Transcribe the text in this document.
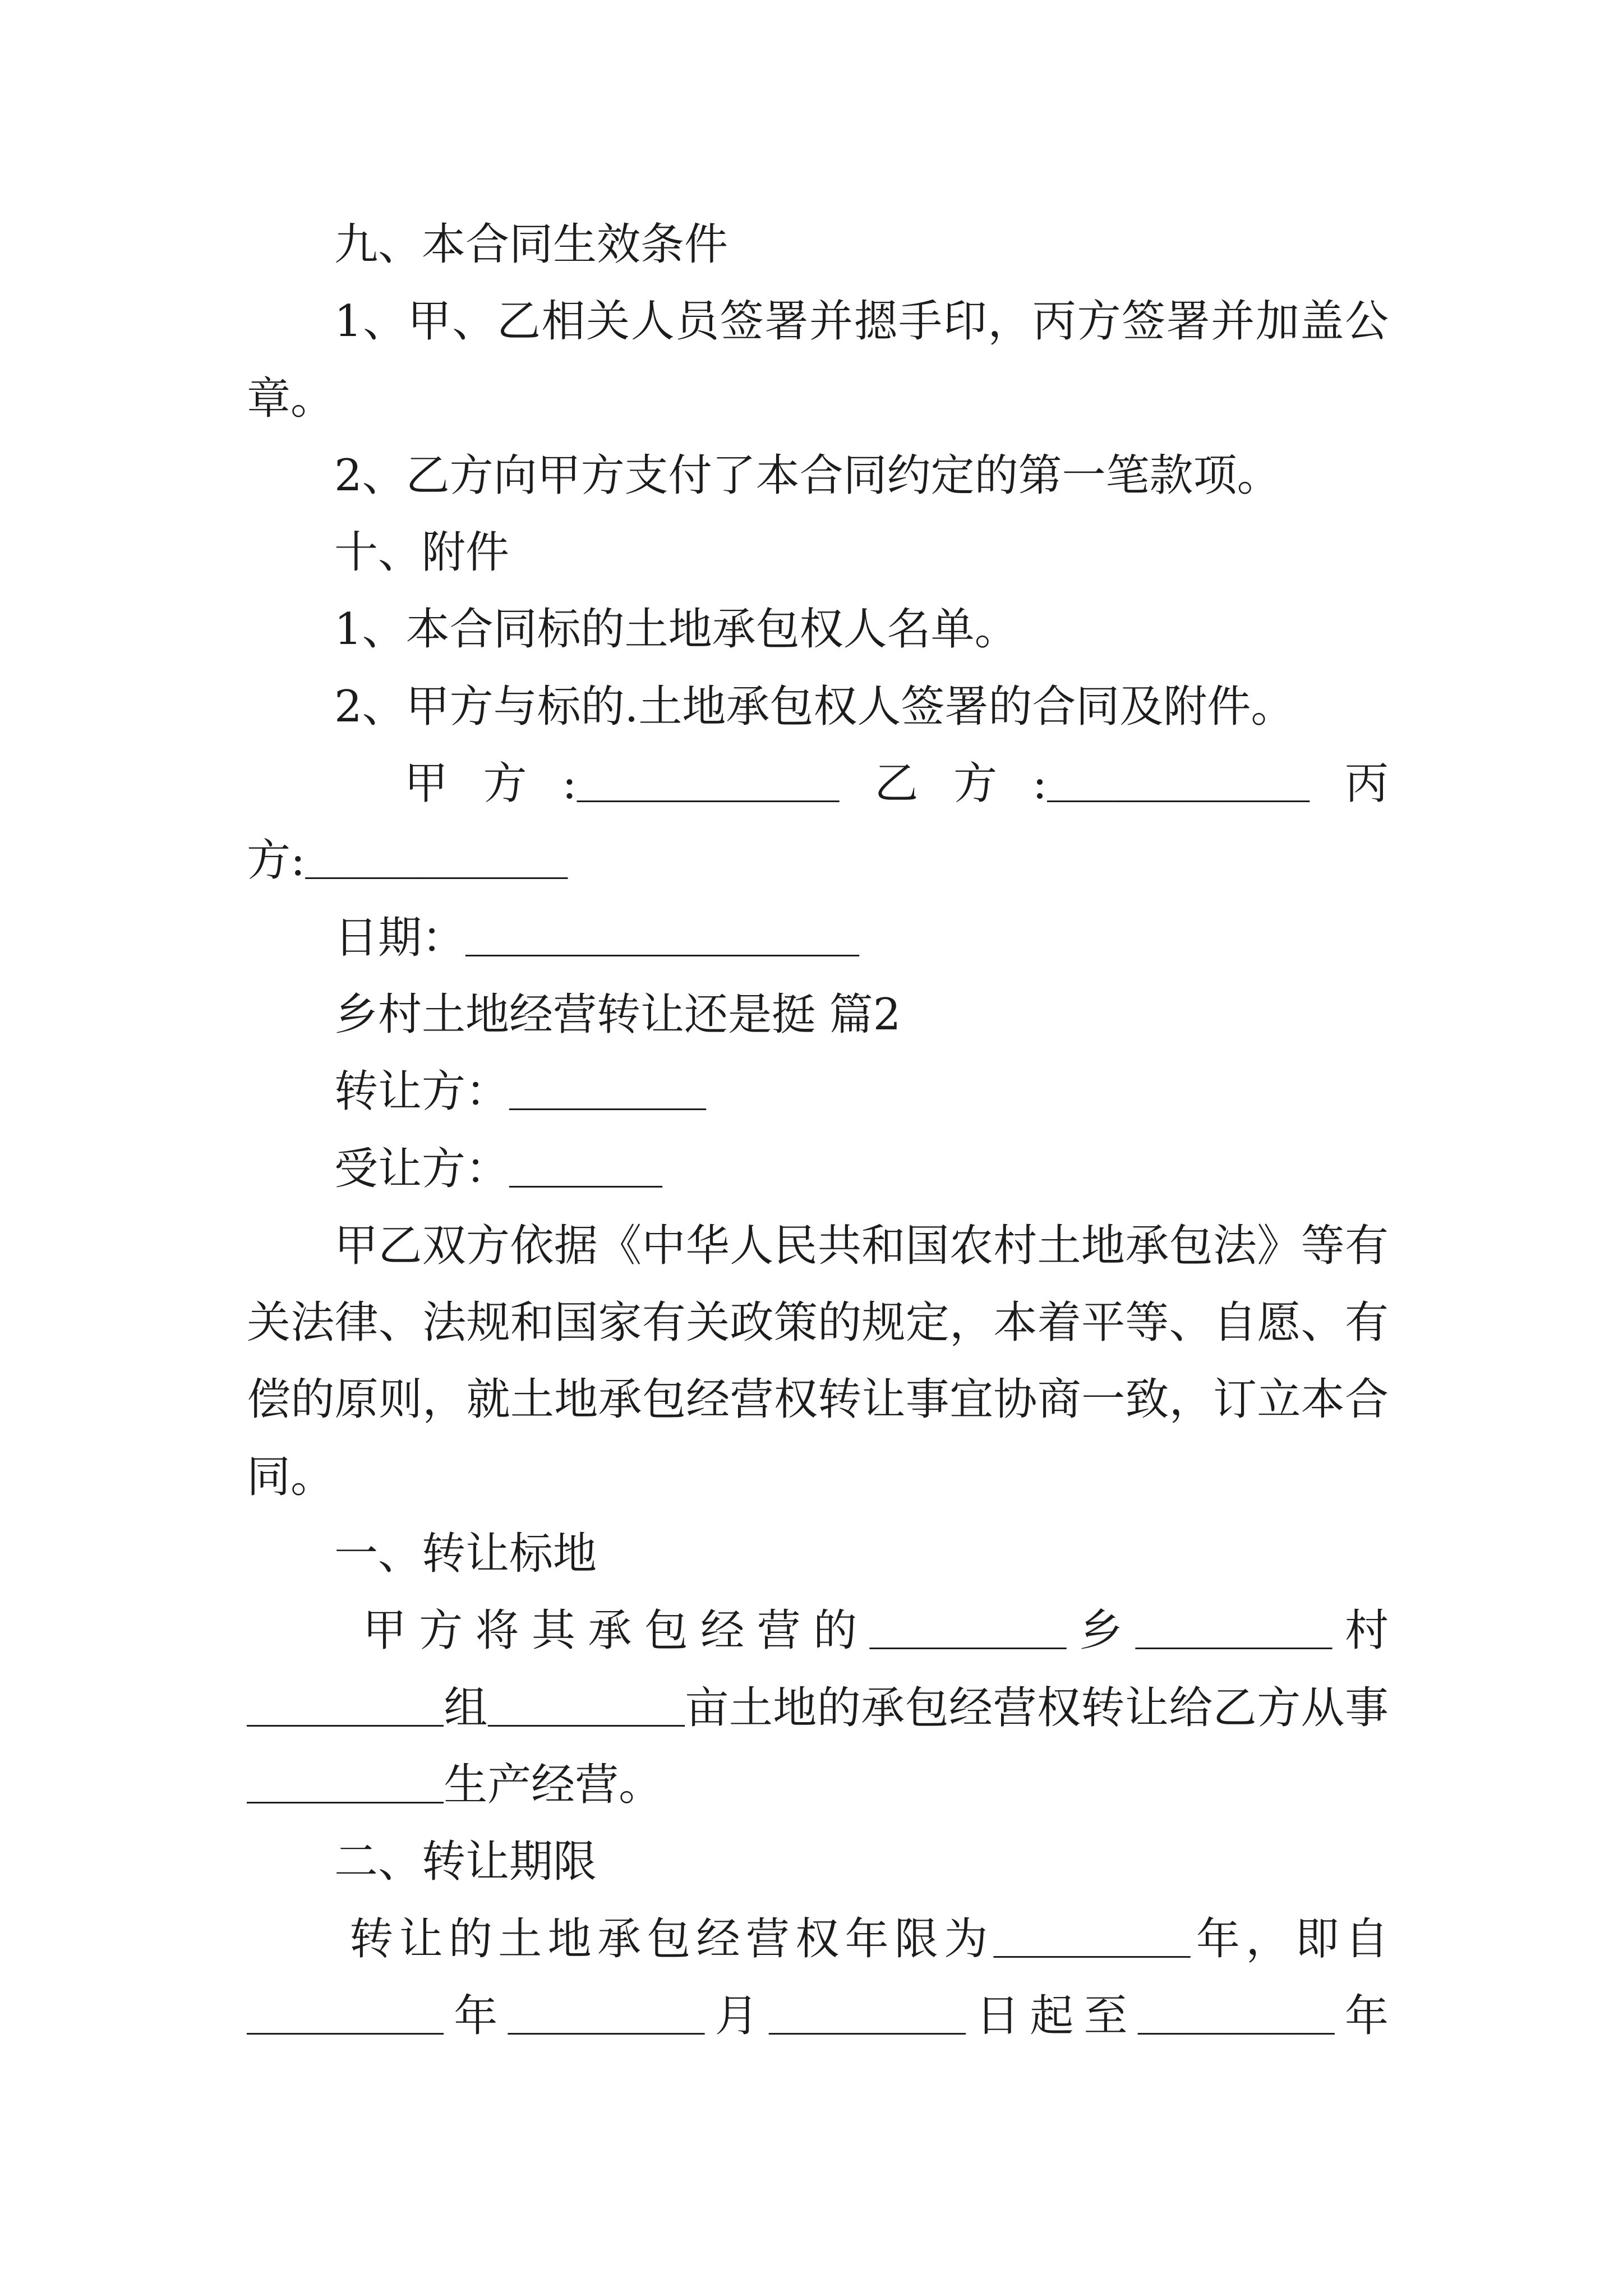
九、本合同生效条件
1、甲、乙相关人员签署并摁手印，丙方签署并加盖公
章。
2、乙方向甲方支付了本合同约定的第一笔款项。
十、附件
1、本合同标的土地承包权人名单。
2、甲方与标的.土地承包权人签署的合同及附件。
甲方:____________乙方:____________丙
方:____________
日期：__________________
乡村土地经营转让还是挺 篇2
转让方：_________
受让方：_______
甲乙双方依据《中华人民共和国农村土地承包法》等有
关法律、法规和国家有关政策的规定，本着平等、自愿、有
偿的原则，就土地承包经营权转让事宜协商一致，订立本合
同。
一、转让标地
甲方将其承包经营的_________乡_________村
_________组_________亩土地的承包经营权转让给乙方从事
_________生产经营。
二、转让期限
转让的土地承包经营权年限为_________年，即自
_________年_________月_________日起至_________年
